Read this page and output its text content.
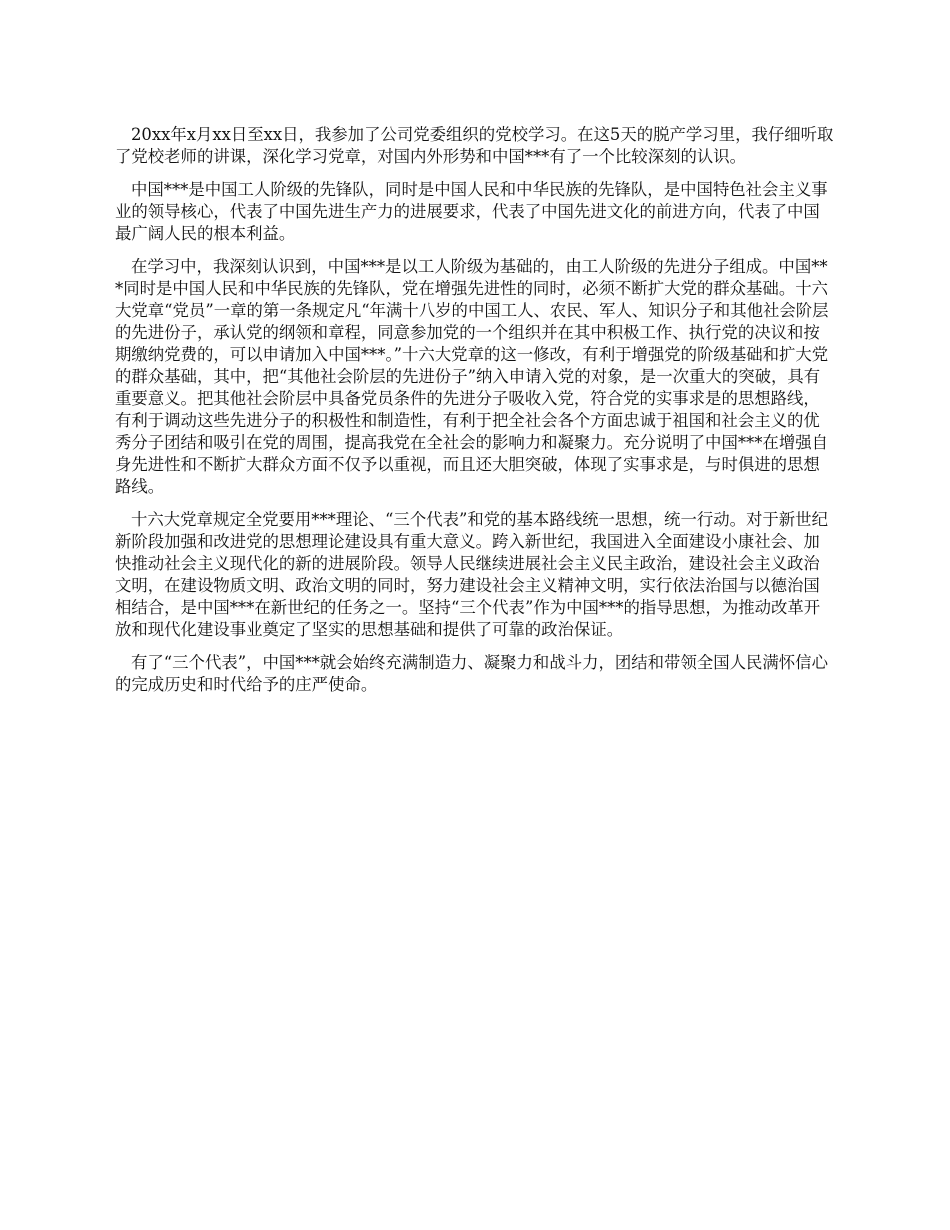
20xx年x月xx日至xx日，我参加了公司党委组织的党校学习。在这5天的脱产学习里，我仔细听取了党校老师的讲课，深化学习党章，对国内外形势和中国***有了一个比较深刻的认识。

中国***是中国工人阶级的先锋队，同时是中国人民和中华民族的先锋队，是中国特色社会主义事业的领导核心，代表了中国先进生产力的进展要求，代表了中国先进文化的前进方向，代表了中国最广阔人民的根本利益。

在学习中，我深刻认识到，中国***是以工人阶级为基础的，由工人阶级的先进分子组成。中国***同时是中国人民和中华民族的先锋队，党在增强先进性的同时，必须不断扩大党的群众基础。十六大党章“党员”一章的第一条规定凡“年满十八岁的中国工人、农民、军人、知识分子和其他社会阶层的先进份子，承认党的纲领和章程，同意参加党的一个组织并在其中积极工作、执行党的决议和按期缴纳党费的，可以申请加入中国***。”十六大党章的这一修改，有利于增强党的阶级基础和扩大党的群众基础，其中，把“其他社会阶层的先进份子”纳入申请入党的对象，是一次重大的突破，具有重要意义。把其他社会阶层中具备党员条件的先进分子吸收入党，符合党的实事求是的思想路线，有利于调动这些先进分子的积极性和制造性，有利于把全社会各个方面忠诚于祖国和社会主义的优秀分子团结和吸引在党的周围，提高我党在全社会的影响力和凝聚力。充分说明了中国***在增强自身先进性和不断扩大群众方面不仅予以重视，而且还大胆突破，体现了实事求是，与时俱进的思想路线。

十六大党章规定全党要用***理论、“三个代表”和党的基本路线统一思想，统一行动。对于新世纪新阶段加强和改进党的思想理论建设具有重大意义。跨入新世纪，我国进入全面建设小康社会、加快推动社会主义现代化的新的进展阶段。领导人民继续进展社会主义民主政治，建设社会主义政治文明，在建设物质文明、政治文明的同时，努力建设社会主义精神文明，实行依法治国与以德治国相结合，是中国***在新世纪的任务之一。坚持“三个代表”作为中国***的指导思想，为推动改革开放和现代化建设事业奠定了坚实的思想基础和提供了可靠的政治保证。

有了“三个代表”，中国***就会始终充满制造力、凝聚力和战斗力，团结和带领全国人民满怀信心的完成历史和时代给予的庄严使命。
